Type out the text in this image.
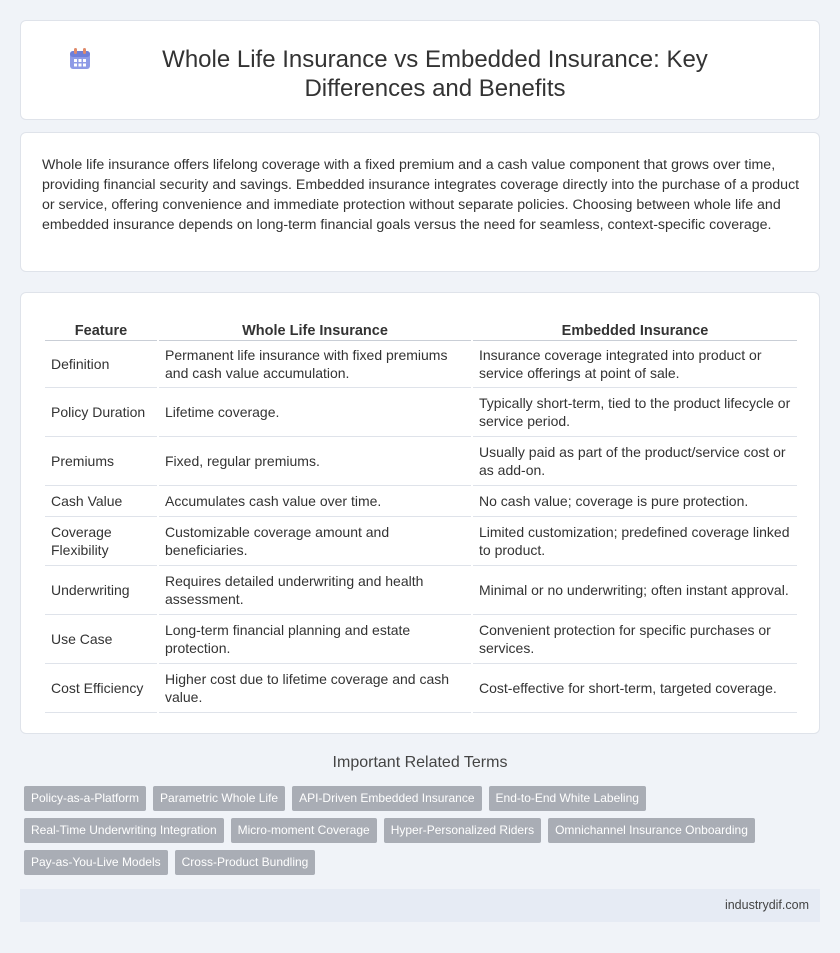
Whole Life Insurance vs Embedded Insurance: Key Differences and Benefits

Whole life insurance offers lifelong coverage with a fixed premium and a cash value component that grows over time, providing financial security and savings. Embedded insurance integrates coverage directly into the purchase of a product or service, offering convenience and immediate protection without separate policies. Choosing between whole life and embedded insurance depends on long-term financial goals versus the need for seamless, context-specific coverage.

Feature	Whole Life Insurance	Embedded Insurance
Definition	Permanent life insurance with fixed premiums and cash value accumulation.	Insurance coverage integrated into product or service offerings at point of sale.
Policy Duration	Lifetime coverage.	Typically short-term, tied to the product lifecycle or service period.
Premiums	Fixed, regular premiums.	Usually paid as part of the product/service cost or as add-on.
Cash Value	Accumulates cash value over time.	No cash value; coverage is pure protection.
Coverage Flexibility	Customizable coverage amount and beneficiaries.	Limited customization; predefined coverage linked to product.
Underwriting	Requires detailed underwriting and health assessment.	Minimal or no underwriting; often instant approval.
Use Case	Long-term financial planning and estate protection.	Convenient protection for specific purchases or services.
Cost Efficiency	Higher cost due to lifetime coverage and cash value.	Cost-effective for short-term, targeted coverage.
Important Related Terms
Policy-as-a-Platform	Parametric Whole Life	API-Driven Embedded Insurance	End-to-End White Labeling
Real-Time Underwriting Integration	Micro-moment Coverage	Hyper-Personalized Riders	Omnichannel Insurance Onboarding
Pay-as-You-Live Models	Cross-Product Bundling
industrydif.com
